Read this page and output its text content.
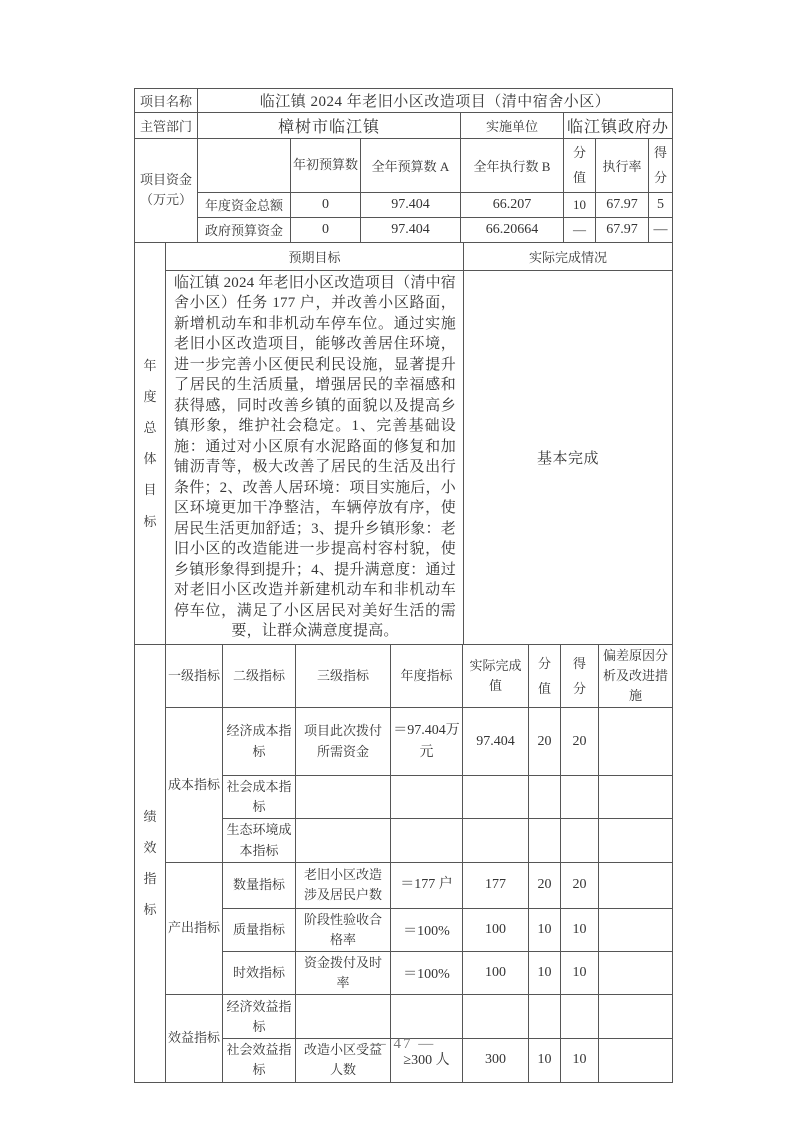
项目名称	临江镇 2024 年老旧小区改造项目（清中宿舍小区）						
主管部门	樟树市临江镇			实施单位	临江镇政府办		
项目资金（万元）		年初预算数	全年预算数 A	全年执行数 B	分值	执行率	得分
	年度资金总额	0	97.404	66.207	10	67.97	5
	政府预算资金	0	97.404	66.20664	—	67.97	—
年度总体目标	预期目标	实际完成情况
	临江镇 2024 年老旧小区改造项目（清中宿舍小区）任务 177 户，并改善小区路面，新增机动车和非机动车停车位。通过实施老旧小区改造项目，能够改善居住环境，进一步完善小区便民利民设施，显著提升了居民的生活质量，增强居民的幸福感和获得感，同时改善乡镇的面貌以及提高乡镇形象，维护社会稳定。1、完善基础设施：通过对小区原有水泥路面的修复和加铺沥青等，极大改善了居民的生活及出行条件；2、改善人居环境：项目实施后，小区环境更加干净整洁，车辆停放有序，使居民生活更加舒适；3、提升乡镇形象：老旧小区的改造能进一步提高村容村貌，使乡镇形象得到提升；4、提升满意度：通过对老旧小区改造并新建机动车和非机动车停车位，满足了小区居民对美好生活的需要，让群众满意度提高。	基本完成
绩效指标	一级指标	二级指标	三级指标	年度指标	实际完成值	分值	得分	偏差原因分析及改进措施
	成本指标	经济成本指标	项目此次拨付所需资金	＝97.404万元	97.404	20	20	
		社会成本指标						
		生态环境成本指标						
	产出指标	数量指标	老旧小区改造涉及居民户数	＝177 户	177	20	20	
		质量指标	阶段性验收合格率	＝100%	100	10	10	
		时效指标	资金拨付及时率	＝100%	100	10	10	
	效益指标	经济效益指标						
		社会效益指标	改造小区受益人数	≥300 人	300	10	10	
— 47 —
